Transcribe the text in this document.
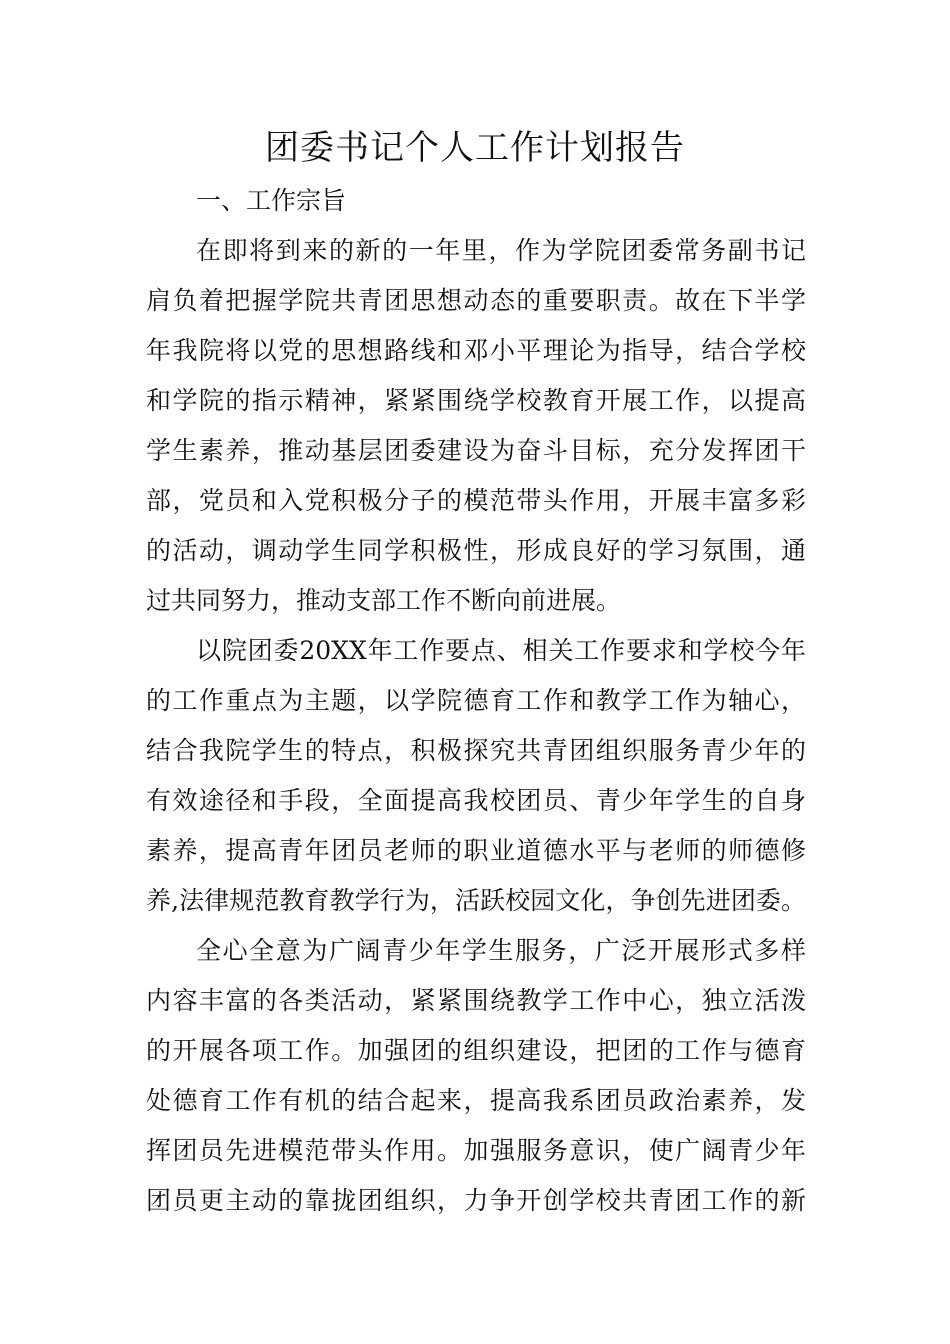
团委书记个人工作计划报告
一、工作宗旨
在即将到来的新的一年里，作为学院团委常务副书记
肩负着把握学院共青团思想动态的重要职责。故在下半学
年我院将以党的思想路线和邓小平理论为指导，结合学校
和学院的指示精神，紧紧围绕学校教育开展工作，以提高
学生素养，推动基层团委建设为奋斗目标，充分发挥团干
部，党员和入党积极分子的模范带头作用，开展丰富多彩
的活动，调动学生同学积极性，形成良好的学习氛围，通
过共同努力，推动支部工作不断向前进展。
以院团委20XX年工作要点、相关工作要求和学校今年
的工作重点为主题，以学院德育工作和教学工作为轴心，
结合我院学生的特点，积极探究共青团组织服务青少年的
有效途径和手段，全面提高我校团员、青少年学生的自身
素养，提高青年团员老师的职业道德水平与老师的师德修
养,法律规范教育教学行为，活跃校园文化，争创先进团委。
全心全意为广阔青少年学生服务，广泛开展形式多样
内容丰富的各类活动，紧紧围绕教学工作中心，独立活泼
的开展各项工作。加强团的组织建设，把团的工作与德育
处德育工作有机的结合起来，提高我系团员政治素养，发
挥团员先进模范带头作用。加强服务意识，使广阔青少年
团员更主动的靠拢团组织，力争开创学校共青团工作的新
